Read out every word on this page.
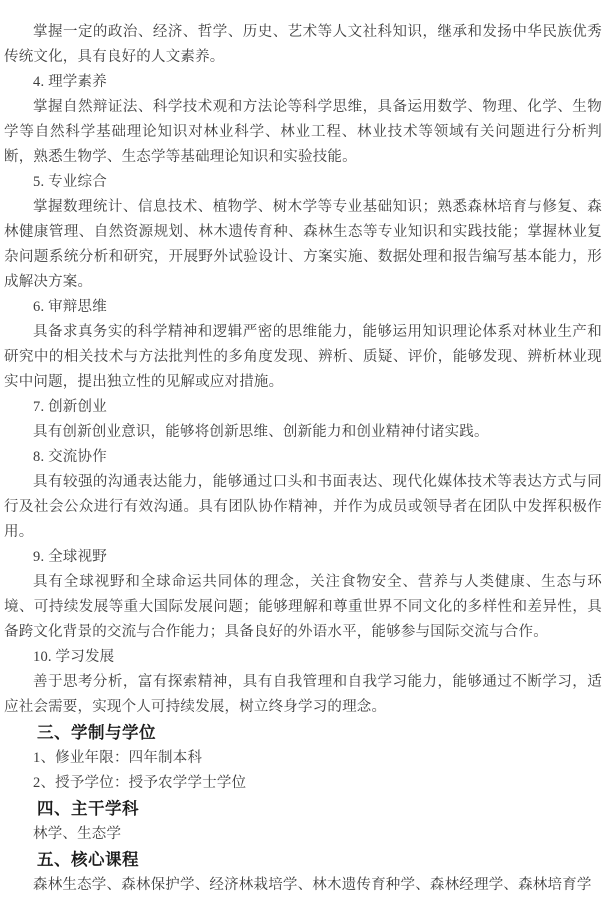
掌握一定的政治、经济、哲学、历史、艺术等人文社科知识，继承和发扬中华民族优秀传统文化，具有良好的人文素养。

4. 理学素养

掌握自然辩证法、科学技术观和方法论等科学思维，具备运用数学、物理、化学、生物学等自然科学基础理论知识对林业科学、林业工程、林业技术等领域有关问题进行分析判断，熟悉生物学、生态学等基础理论知识和实验技能。

5. 专业综合

掌握数理统计、信息技术、植物学、树木学等专业基础知识；熟悉森林培育与修复、森林健康管理、自然资源规划、林木遗传育种、森林生态等专业知识和实践技能；掌握林业复杂问题系统分析和研究，开展野外试验设计、方案实施、数据处理和报告编写基本能力，形成解决方案。

6. 审辩思维

具备求真务实的科学精神和逻辑严密的思维能力，能够运用知识理论体系对林业生产和研究中的相关技术与方法批判性的多角度发现、辨析、质疑、评价，能够发现、辨析林业现实中问题，提出独立性的见解或应对措施。

7. 创新创业

具有创新创业意识，能够将创新思维、创新能力和创业精神付诸实践。

8. 交流协作

具有较强的沟通表达能力，能够通过口头和书面表达、现代化媒体技术等表达方式与同行及社会公众进行有效沟通。具有团队协作精神，并作为成员或领导者在团队中发挥积极作用。

9. 全球视野

具有全球视野和全球命运共同体的理念，关注食物安全、营养与人类健康、生态与环境、可持续发展等重大国际发展问题；能够理解和尊重世界不同文化的多样性和差异性，具备跨文化背景的交流与合作能力；具备良好的外语水平，能够参与国际交流与合作。

10. 学习发展

善于思考分析，富有探索精神，具有自我管理和自我学习能力，能够通过不断学习，适应社会需要，实现个人可持续发展，树立终身学习的理念。

三、学制与学位

1、修业年限：四年制本科

2、授予学位：授予农学学士学位

四、主干学科

林学、生态学

五、核心课程

森林生态学、森林保护学、经济林栽培学、林木遗传育种学、森林经理学、森林培育学
